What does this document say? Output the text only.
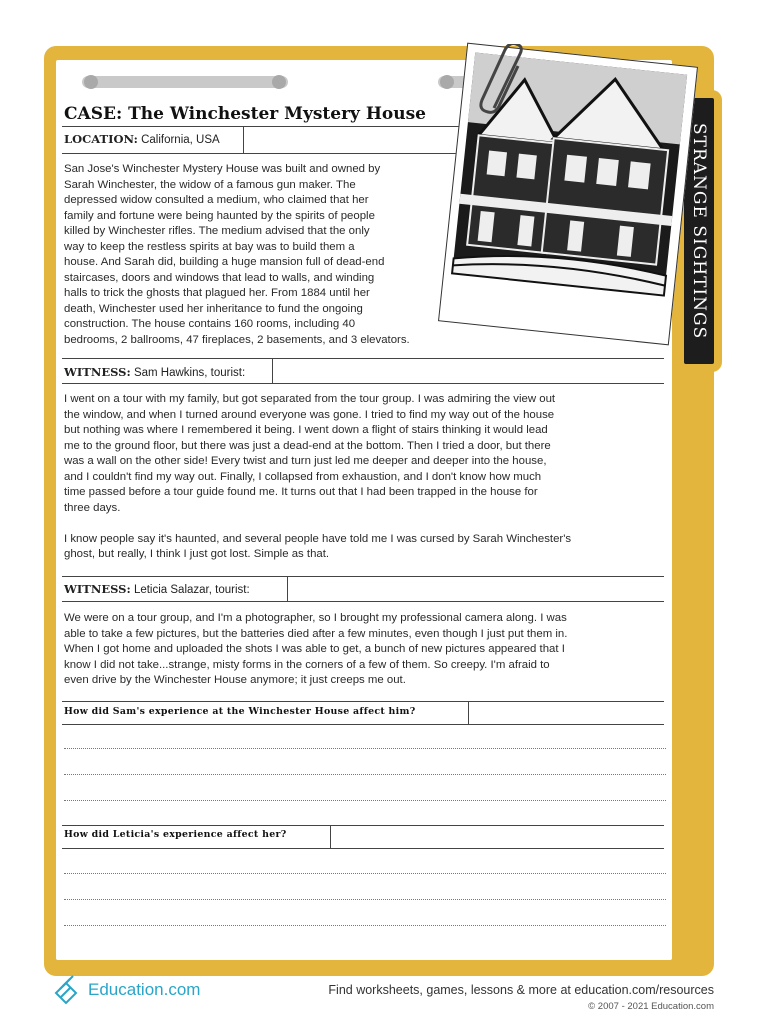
STRANGE SIGHTINGS
CASE: The Winchester Mystery House
LOCATION: California, USA
San Jose's Winchester Mystery House was built and owned by
Sarah Winchester, the widow of a famous gun maker. The
depressed widow consulted a medium, who claimed that her
family and fortune were being haunted by the spirits of people
killed by Winchester rifles. The medium advised that the only
way to keep the restless spirits at bay was to build them a
house. And Sarah did, building a huge mansion full of dead-end
staircases, doors and windows that lead to walls, and winding
halls to trick the ghosts that plagued her. From 1884 until her
death, Winchester used her inheritance to fund the ongoing
construction. The house contains 160 rooms, including 40
bedrooms, 2 ballrooms, 47 fireplaces, 2 basements, and 3 elevators.
WITNESS: Sam Hawkins, tourist:
I went on a tour with my family, but got separated from the tour group. I was admiring the view out
the window, and when I turned around everyone was gone. I tried to find my way out of the house
but nothing was where I remembered it being. I went down a flight of stairs thinking it would lead
me to the ground floor, but there was just a dead-end at the bottom. Then I tried a door, but there
was a wall on the other side! Every twist and turn just led me deeper and deeper into the house,
and I couldn't find my way out. Finally, I collapsed from exhaustion, and I don't know how much
time passed before a tour guide found me. It turns out that I had been trapped in the house for
three days.
I know people say it's haunted, and several people have told me I was cursed by Sarah Winchester's
ghost, but really, I think I just got lost. Simple as that.
WITNESS: Leticia Salazar, tourist:
We were on a tour group, and I'm a photographer, so I brought my professional camera along. I was
able to take a few pictures, but the batteries died after a few minutes, even though I just put them in.
When I got home and uploaded the shots I was able to get, a bunch of new pictures appeared that I
know I did not take...strange, misty forms in the corners of a few of them. So creepy. I'm afraid to
even drive by the Winchester House anymore; it just creeps me out.
How did Sam's experience at the Winchester House affect him?
How did Leticia's experience affect her?
Education.com	Find worksheets, games, lessons & more at education.com/resources
© 2007 - 2021 Education.com
